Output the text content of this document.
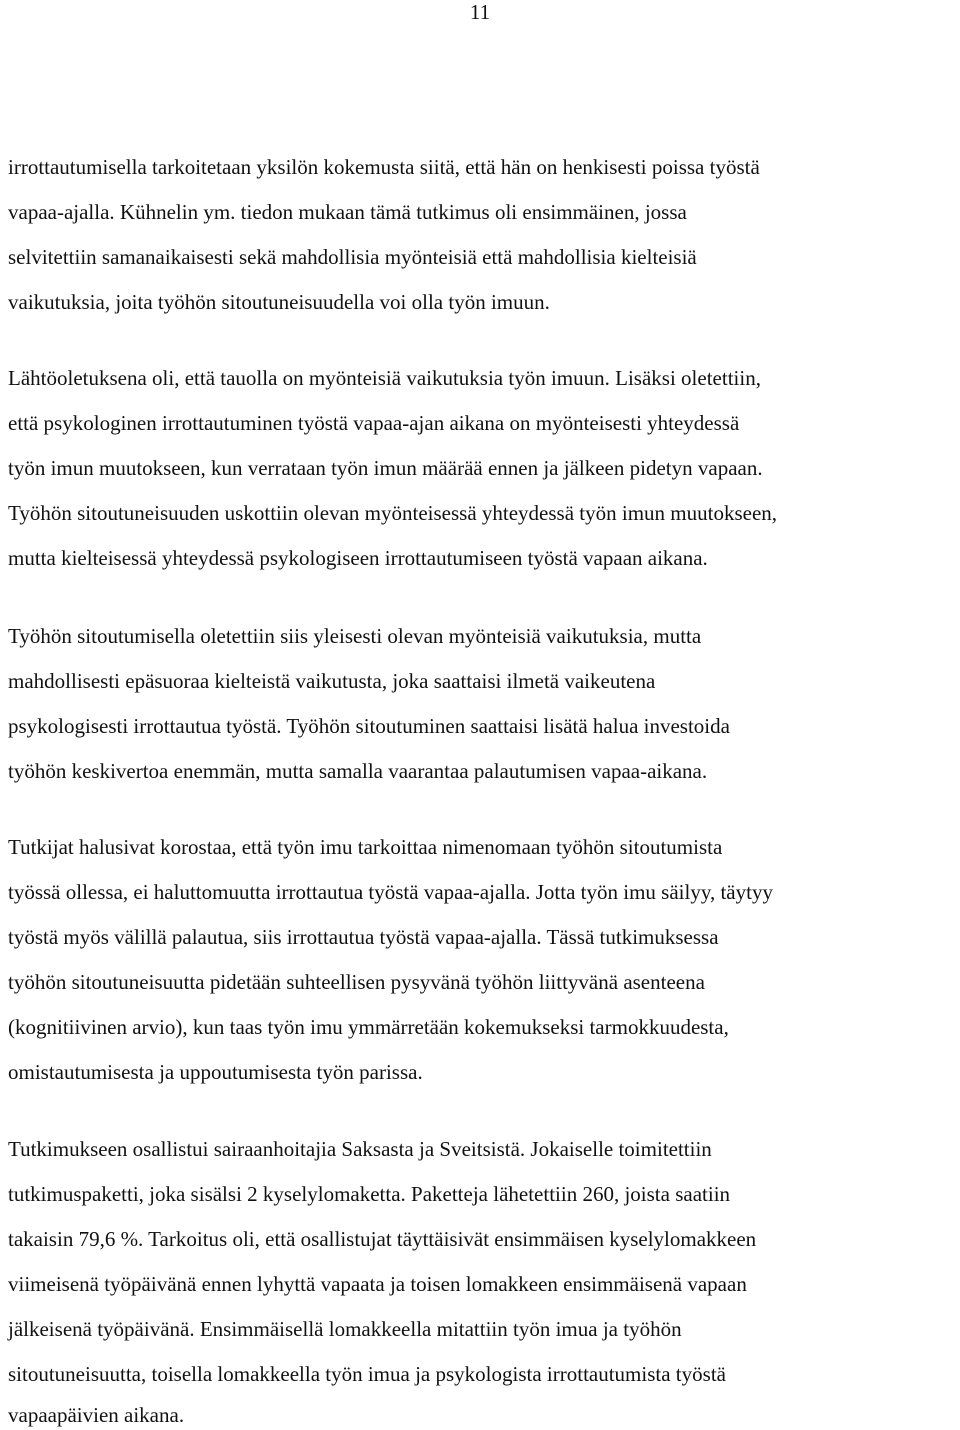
11
irrottautumisella tarkoitetaan yksilön kokemusta siitä, että hän on henkisesti poissa työstä
vapaa-ajalla. Kühnelin ym. tiedon mukaan tämä tutkimus oli ensimmäinen, jossa
selvitettiin samanaikaisesti sekä mahdollisia myönteisiä että mahdollisia kielteisiä
vaikutuksia, joita työhön sitoutuneisuudella voi olla työn imuun.
Lähtöoletuksena oli, että tauolla on myönteisiä vaikutuksia työn imuun. Lisäksi oletettiin,
että psykologinen irrottautuminen työstä vapaa-ajan aikana on myönteisesti yhteydessä
työn imun muutokseen, kun verrataan työn imun määrää ennen ja jälkeen pidetyn vapaan.
Työhön sitoutuneisuuden uskottiin olevan myönteisessä yhteydessä työn imun muutokseen,
mutta kielteisessä yhteydessä psykologiseen irrottautumiseen työstä vapaan aikana.
Työhön sitoutumisella oletettiin siis yleisesti olevan myönteisiä vaikutuksia, mutta
mahdollisesti epäsuoraa kielteistä vaikutusta, joka saattaisi ilmetä vaikeutena
psykologisesti irrottautua työstä. Työhön sitoutuminen saattaisi lisätä halua investoida
työhön keskivertoa enemmän, mutta samalla vaarantaa palautumisen vapaa-aikana.
Tutkijat halusivat korostaa, että työn imu tarkoittaa nimenomaan työhön sitoutumista
työssä ollessa, ei haluttomuutta irrottautua työstä vapaa-ajalla. Jotta työn imu säilyy, täytyy
työstä myös välillä palautua, siis irrottautua työstä vapaa-ajalla. Tässä tutkimuksessa
työhön sitoutuneisuutta pidetään suhteellisen pysyvänä työhön liittyvänä asenteena
(kognitiivinen arvio), kun taas työn imu ymmärretään kokemukseksi tarmokkuudesta,
omistautumisesta ja uppoutumisesta työn parissa.
Tutkimukseen osallistui sairaanhoitajia Saksasta ja Sveitsistä. Jokaiselle toimitettiin
tutkimuspaketti, joka sisälsi 2 kyselylomaketta. Paketteja lähetettiin 260, joista saatiin
takaisin 79,6 %. Tarkoitus oli, että osallistujat täyttäisivät ensimmäisen kyselylomakkeen
viimeisenä työpäivänä ennen lyhyttä vapaata ja toisen lomakkeen ensimmäisenä vapaan
jälkeisenä työpäivänä. Ensimmäisellä lomakkeella mitattiin työn imua ja työhön
sitoutuneisuutta, toisella lomakkeella työn imua ja psykologista irrottautumista työstä
vapaapäivien aikana.
